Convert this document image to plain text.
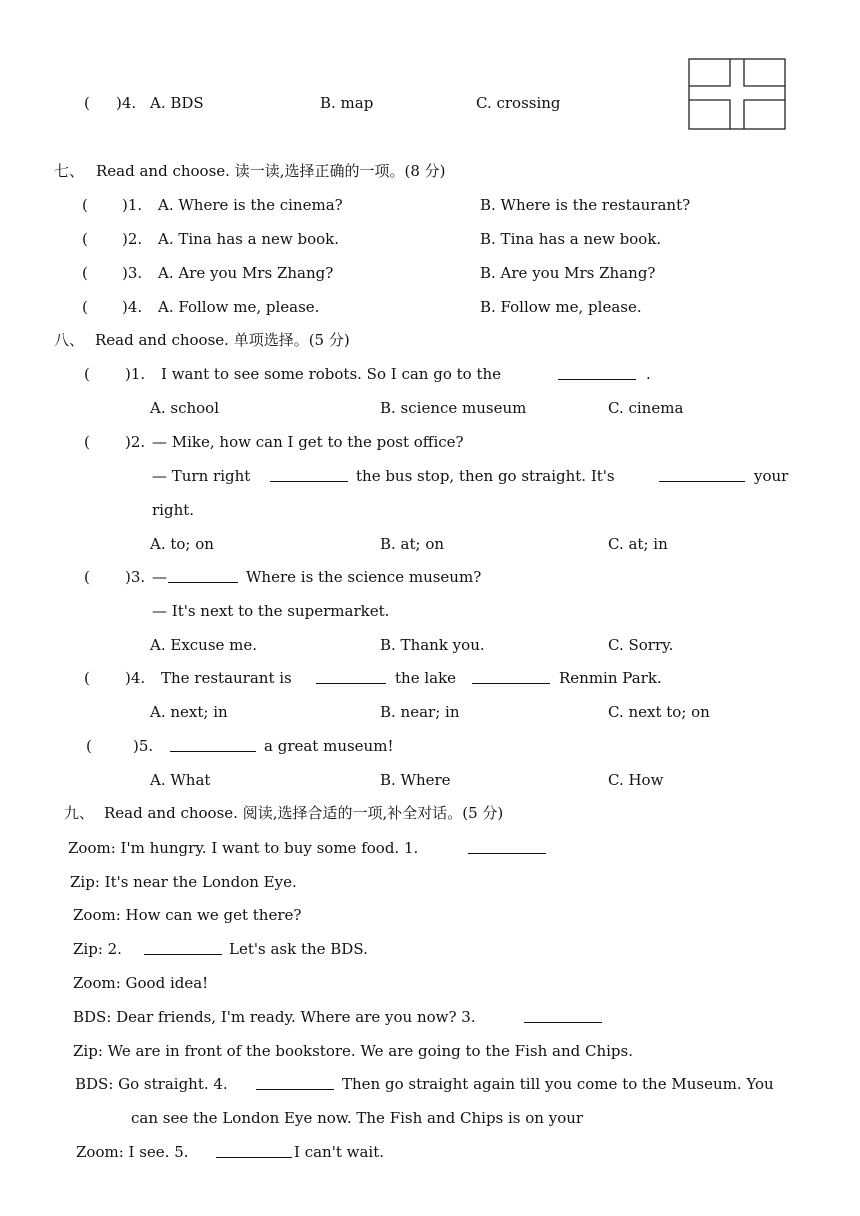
( )4. A. BDS	B. map	C. crossing
七、 Read and choose. 读一读,选择正确的一项。(8 分)
( )1. A. Where is the cinema?	B. Where is the restaurant?
( )2. A. Tina has a new book.	B. Tina has a new book.
( )3. A. Are you Mrs Zhang?	B. Are you Mrs Zhang?
( )4. A. Follow me, please.	B. Follow me, please.
八、 Read and choose. 单项选择。(5 分)
( )1. I want to see some robots. So I can go to the	.
A. school	B. science museum	C. cinema
( )2. — Mike, how can I get to the post office?
— Turn right	the bus stop, then go straight. It's	your
right.
A. to; on	B. at; on	C. at; in
( )3. —	Where is the science museum?
— It's next to the supermarket.
A. Excuse me.	B. Thank you.	C. Sorry.
( )4. The restaurant is	the lake	Renmin Park.
A. next; in	B. near; in	C. next to; on
(	)5.	a great museum!
A. What	B. Where	C. How
九、 Read and choose. 阅读,选择合适的一项,补全对话。(5 分)
Zoom: I'm hungry. I want to buy some food. 1.
Zip: It's near the London Eye.
Zoom: How can we get there?
Zip: 2.	Let's ask the BDS.
Zoom: Good idea!
BDS: Dear friends, I'm ready. Where are you now? 3.
Zip: We are in front of the bookstore. We are going to the Fish and Chips.
BDS: Go straight. 4.	Then go straight again till you come to the Museum. You
can see the London Eye now. The Fish and Chips is on your
Zoom: I see. 5.	I can't wait.
